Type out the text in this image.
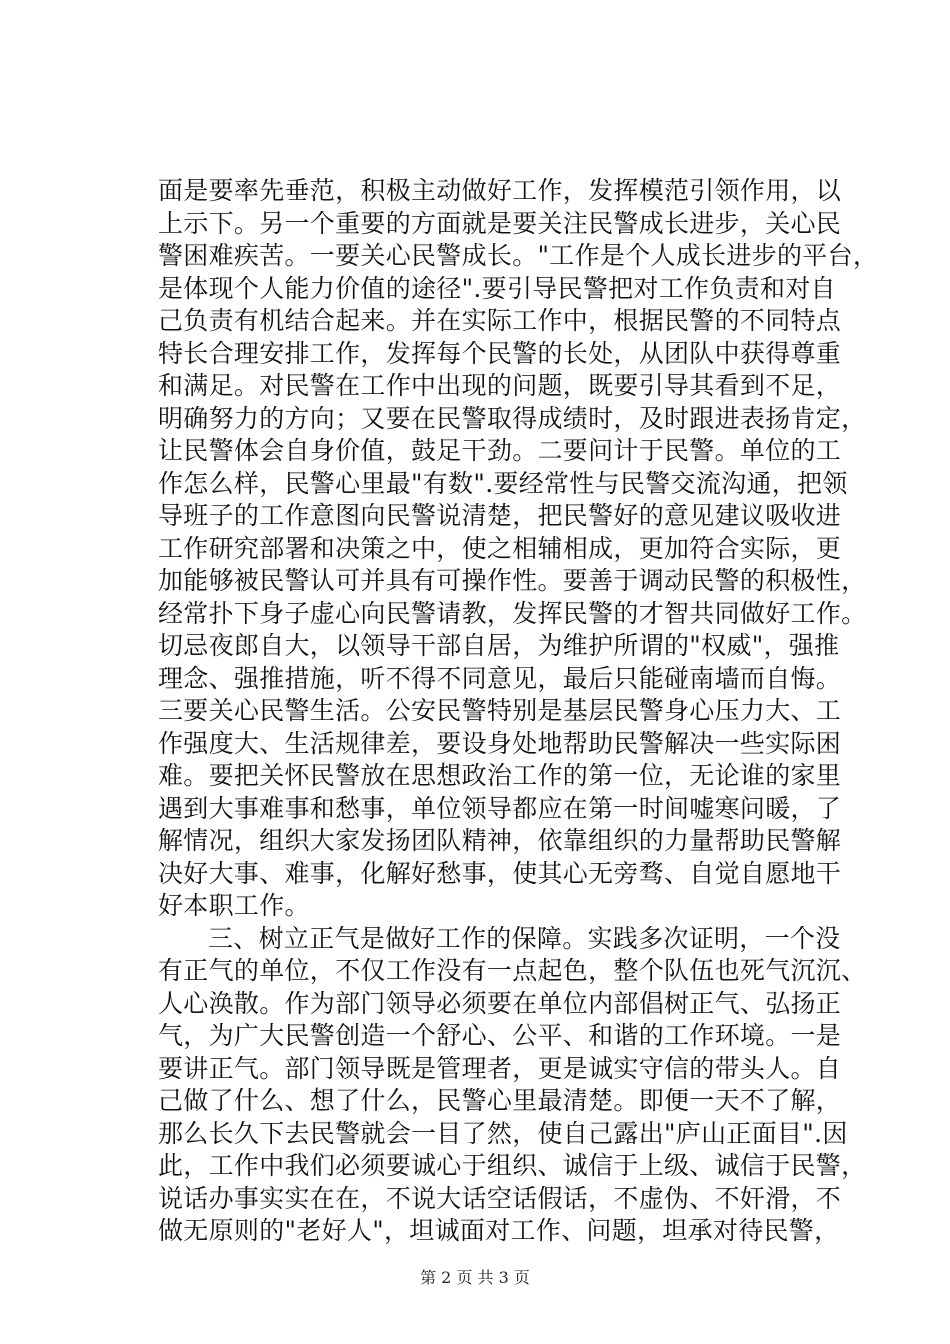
面是要率先垂范，积极主动做好工作，发挥模范引领作用，以
上示下。另一个重要的方面就是要关注民警成长进步，关心民
警困难疾苦。一要关心民警成长。"工作是个人成长进步的平台，
是体现个人能力价值的途径".要引导民警把对工作负责和对自
己负责有机结合起来。并在实际工作中，根据民警的不同特点
特长合理安排工作，发挥每个民警的长处，从团队中获得尊重
和满足。对民警在工作中出现的问题，既要引导其看到不足，
明确努力的方向；又要在民警取得成绩时，及时跟进表扬肯定，
让民警体会自身价值，鼓足干劲。二要问计于民警。单位的工
作怎么样，民警心里最"有数".要经常性与民警交流沟通，把领
导班子的工作意图向民警说清楚，把民警好的意见建议吸收进
工作研究部署和决策之中，使之相辅相成，更加符合实际，更
加能够被民警认可并具有可操作性。要善于调动民警的积极性，
经常扑下身子虚心向民警请教，发挥民警的才智共同做好工作。
切忌夜郎自大，以领导干部自居，为维护所谓的"权威"，强推
理念、强推措施，听不得不同意见，最后只能碰南墙而自悔。
三要关心民警生活。公安民警特别是基层民警身心压力大、工
作强度大、生活规律差，要设身处地帮助民警解决一些实际困
难。要把关怀民警放在思想政治工作的第一位，无论谁的家里
遇到大事难事和愁事，单位领导都应在第一时间嘘寒问暖，了
解情况，组织大家发扬团队精神，依靠组织的力量帮助民警解
决好大事、难事，化解好愁事，使其心无旁骛、自觉自愿地干
好本职工作。
三、树立正气是做好工作的保障。实践多次证明，一个没
有正气的单位，不仅工作没有一点起色，整个队伍也死气沉沉、
人心涣散。作为部门领导必须要在单位内部倡树正气、弘扬正
气，为广大民警创造一个舒心、公平、和谐的工作环境。一是
要讲正气。部门领导既是管理者，更是诚实守信的带头人。自
己做了什么、想了什么，民警心里最清楚。即便一天不了解，
那么长久下去民警就会一目了然，使自己露出"庐山正面目".因
此，工作中我们必须要诚心于组织、诚信于上级、诚信于民警，
说话办事实实在在，不说大话空话假话，不虚伪、不奸滑，不
做无原则的"老好人"，坦诚面对工作、问题，坦承对待民警，
第 2 页 共 3 页
